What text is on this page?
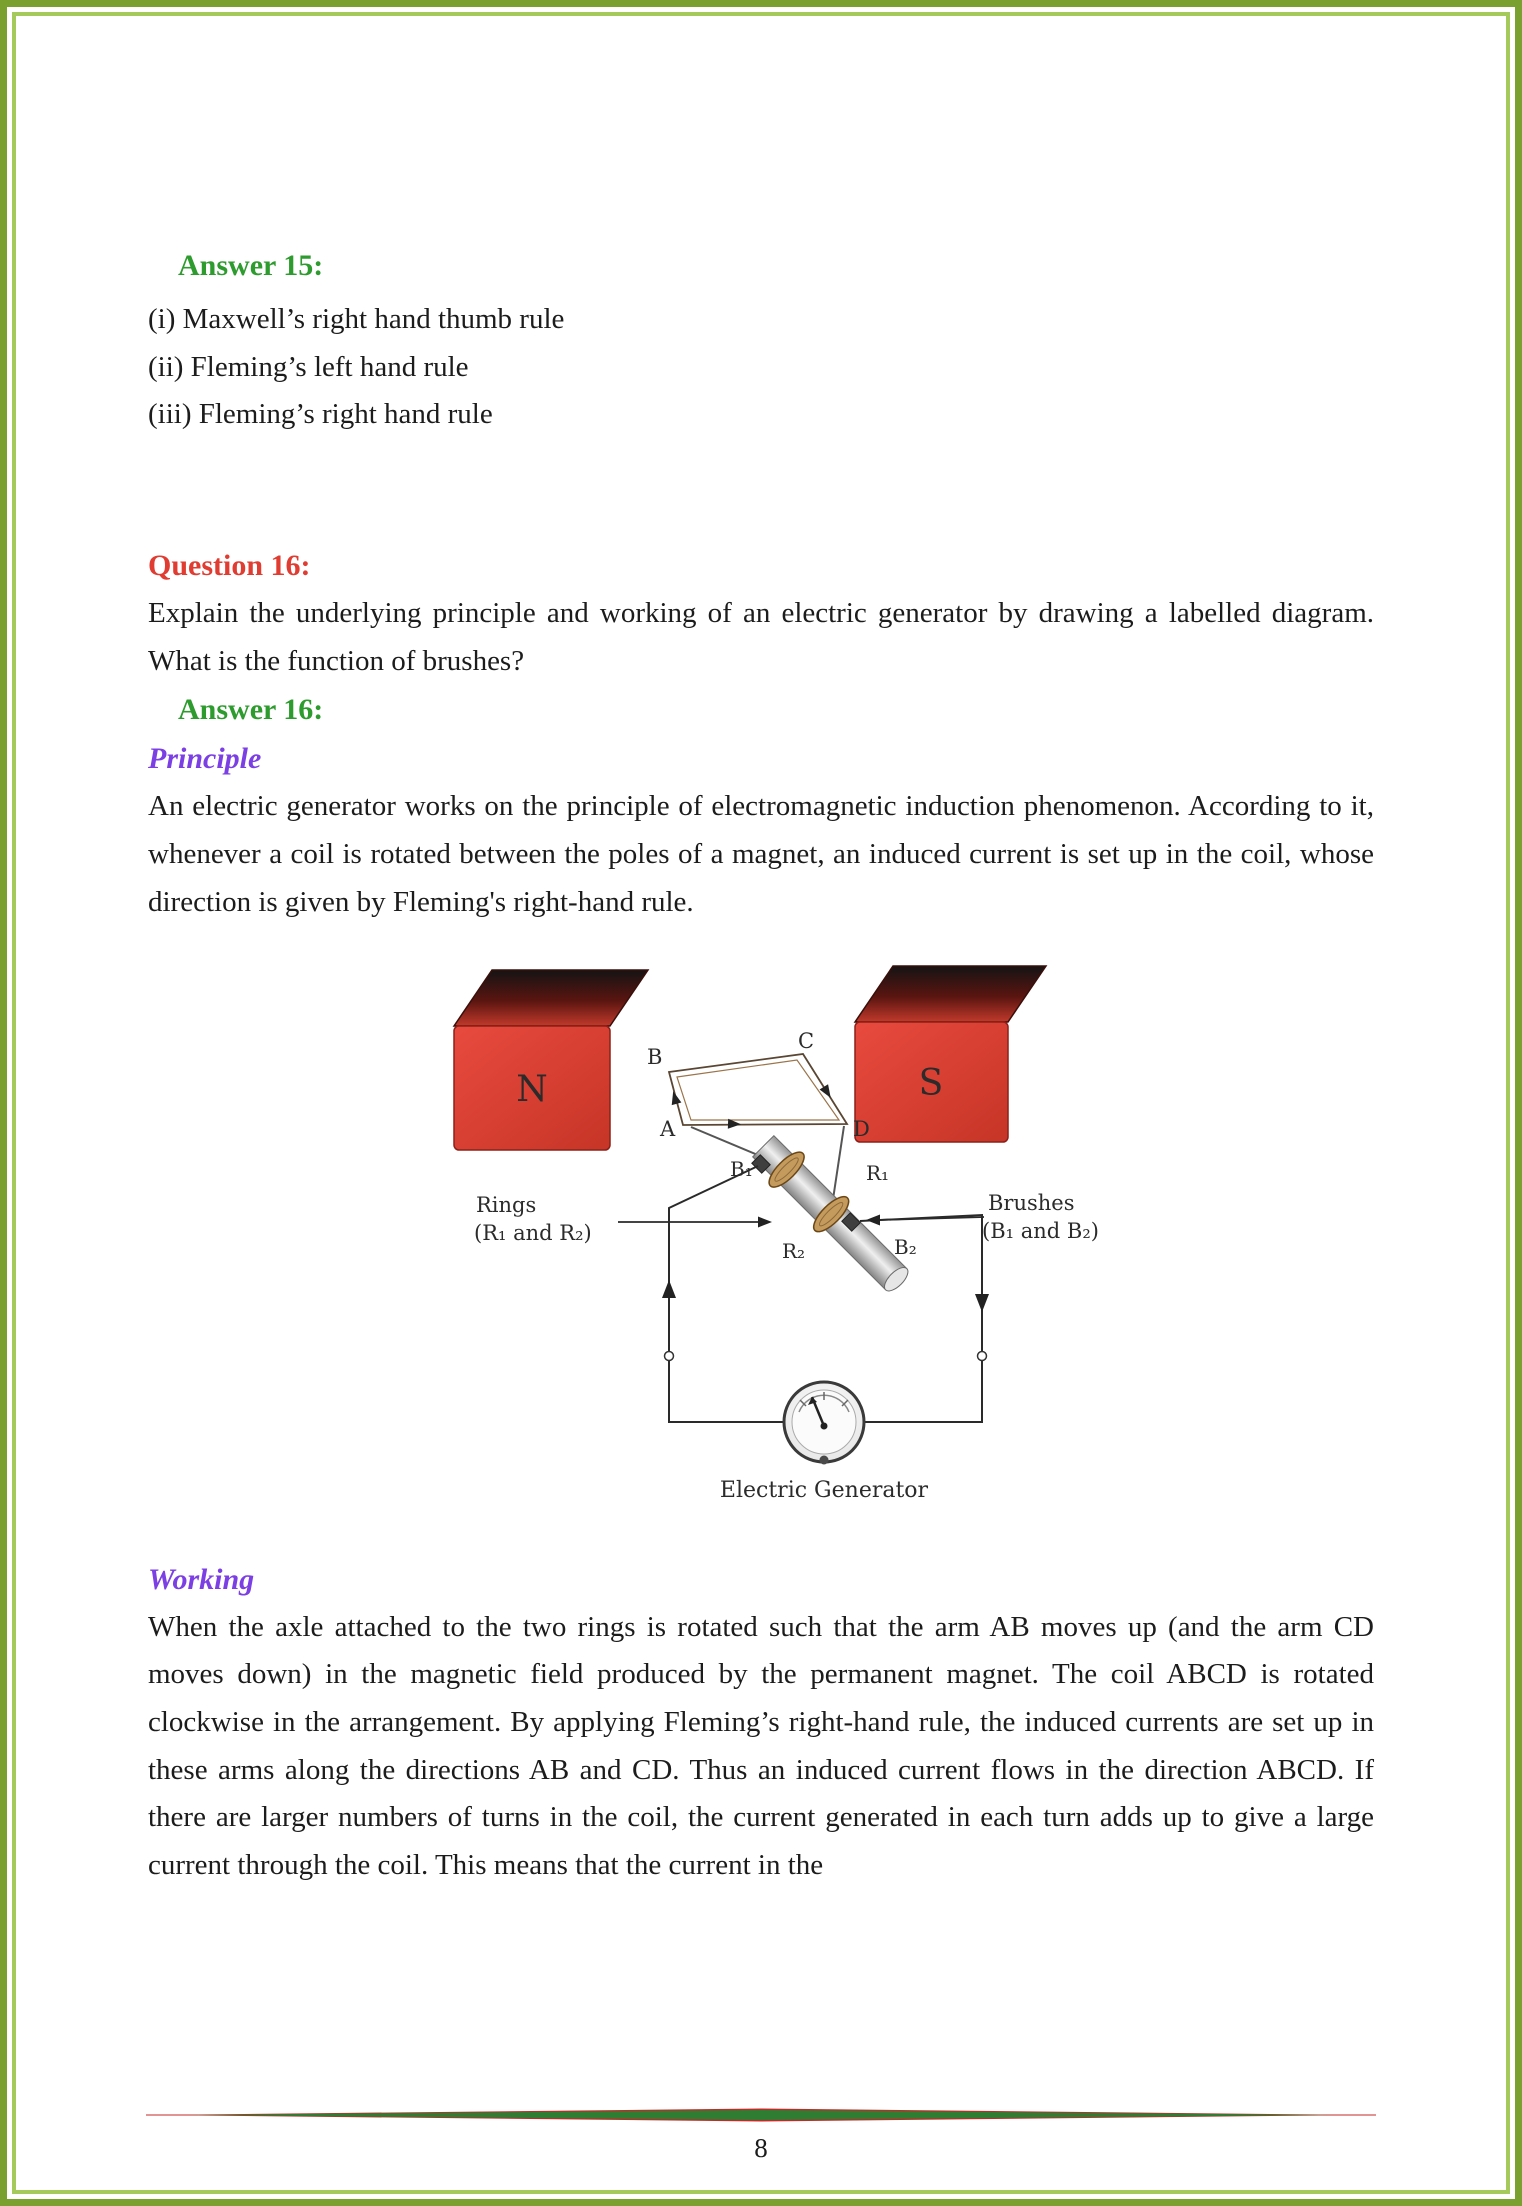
Answer 15:

(i) Maxwell’s right hand thumb rule

(ii) Fleming’s left hand rule

(iii) Fleming’s right hand rule

Question 16:

Explain the underlying principle and working of an electric generator by drawing a labelled diagram. What is the function of brushes?

Answer 16:

Principle

An electric generator works on the principle of electromagnetic induction phenomenon. According to it, whenever a coil is rotated between the poles of a magnet, an induced current is set up in the coil, whose direction is given by Fleming's right-hand rule.

N	S
B
C
A	D
B₁	R₁
R₂	B₂
Rings
(R₁ and R₂)
Brushes
(B₁ and B₂)
Electric Generator

Working

When the axle attached to the two rings is rotated such that the arm AB moves up (and the arm CD moves down) in the magnetic field produced by the permanent magnet. The coil ABCD is rotated clockwise in the arrangement. By applying Fleming’s right-hand rule, the induced currents are set up in these arms along the directions AB and CD. Thus an induced current flows in the direction ABCD. If there are larger numbers of turns in the coil, the current generated in each turn adds up to give a large current through the coil. This means that the current in the

8
